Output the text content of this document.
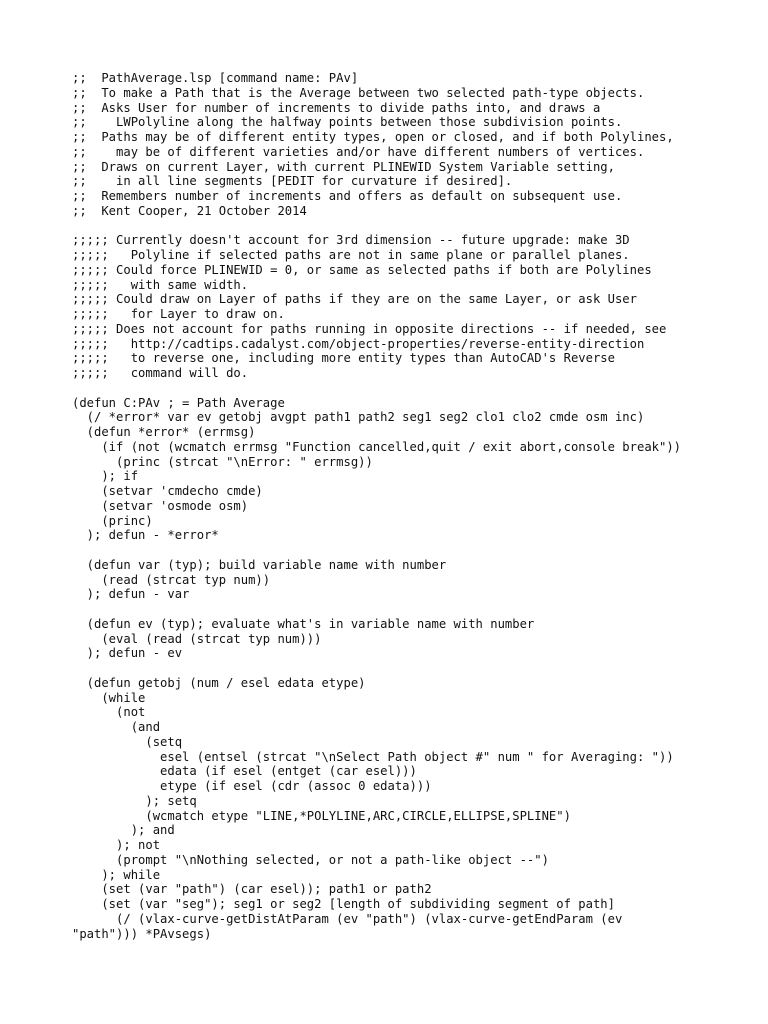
;;  PathAverage.lsp [command name: PAv]
;;  To make a Path that is the Average between two selected path-type objects.
;;  Asks User for number of increments to divide paths into, and draws a
;;    LWPolyline along the halfway points between those subdivision points.
;;  Paths may be of different entity types, open or closed, and if both Polylines,
;;    may be of different varieties and/or have different numbers of vertices.
;;  Draws on current Layer, with current PLINEWID System Variable setting,
;;    in all line segments [PEDIT for curvature if desired].
;;  Remembers number of increments and offers as default on subsequent use.
;;  Kent Cooper, 21 October 2014
;;;;; Currently doesn't account for 3rd dimension -- future upgrade: make 3D
;;;;;   Polyline if selected paths are not in same plane or parallel planes.
;;;;; Could force PLINEWID = 0, or same as selected paths if both are Polylines
;;;;;   with same width.
;;;;; Could draw on Layer of paths if they are on the same Layer, or ask User
;;;;;   for Layer to draw on.
;;;;; Does not account for paths running in opposite directions -- if needed, see
;;;;;   http://cadtips.cadalyst.com/object-properties/reverse-entity-direction
;;;;;   to reverse one, including more entity types than AutoCAD's Reverse
;;;;;   command will do.
(defun C:PAv ; = Path Average
(/ *error* var ev getobj avgpt path1 path2 seg1 seg2 clo1 clo2 cmde osm inc)
(defun *error* (errmsg)
(if (not (wcmatch errmsg "Function cancelled,quit / exit abort,console break"))
(princ (strcat "\nError: " errmsg))
); if
(setvar 'cmdecho cmde)
(setvar 'osmode osm)
(princ)
); defun - *error*
(defun var (typ); build variable name with number
(read (strcat typ num))
); defun - var
(defun ev (typ); evaluate what's in variable name with number
(eval (read (strcat typ num)))
); defun - ev
(defun getobj (num / esel edata etype)
(while
(not
(and
(setq
esel (entsel (strcat "\nSelect Path object #" num " for Averaging: "))
edata (if esel (entget (car esel)))
etype (if esel (cdr (assoc 0 edata)))
); setq
(wcmatch etype "LINE,*POLYLINE,ARC,CIRCLE,ELLIPSE,SPLINE")
); and
); not
(prompt "\nNothing selected, or not a path-like object --")
); while
(set (var "path") (car esel)); path1 or path2
(set (var "seg"); seg1 or seg2 [length of subdividing segment of path]
(/ (vlax-curve-getDistAtParam (ev "path") (vlax-curve-getEndParam (ev
"path"))) *PAvsegs)
